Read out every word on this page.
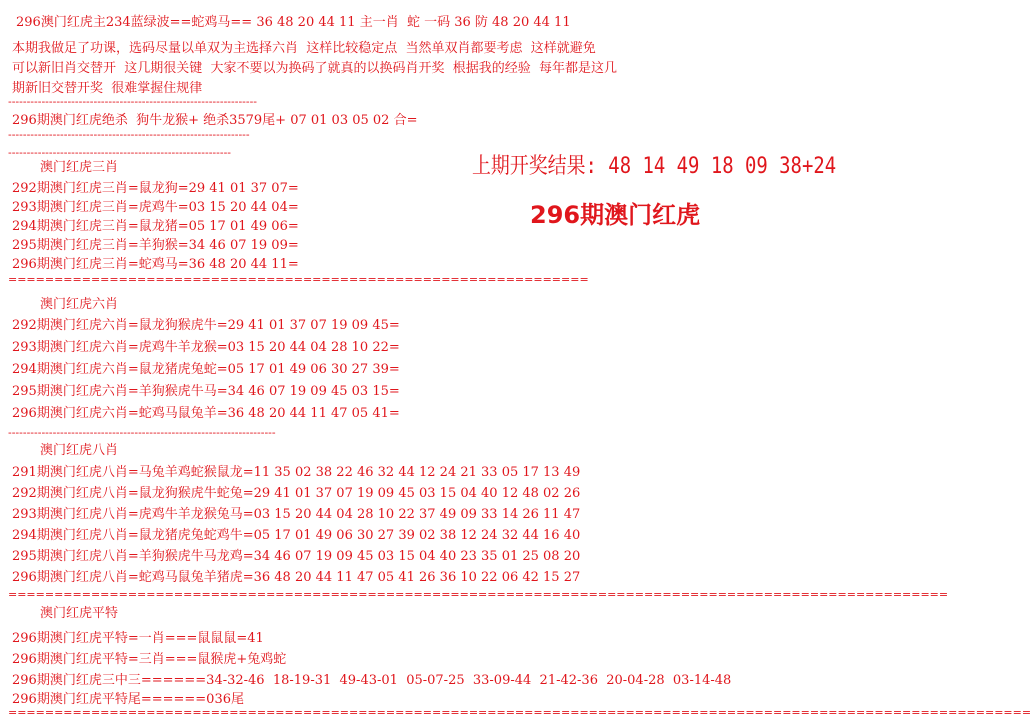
296澳门红虎主234蓝绿波==蛇鸡马== 36 48 20 44 11 主一肖  蛇 一码 36 防 48 20 44 11
本期我做足了功课，选码尽量以单双为主选择六肖  这样比较稳定点  当然单双肖都要考虑  这样就避免
可以新旧肖交替开  这几期很关键  大家不要以为换码了就真的以换码肖开奖  根据我的经验  每年都是这几
期新旧交替开奖  很难掌握住规律
-------------------------------------------------------------------
296期澳门红虎绝杀  狗牛龙猴+ 绝杀3579尾+ 07 01 03 05 02 合=
-----------------------------------------------------------------
------------------------------------------------------------
上期开奖结果: 48 14 49 18 09 38+24
296期澳门红虎
澳门红虎三肖
292期澳门红虎三肖=鼠龙狗=29 41 01 37 07=
293期澳门红虎三肖=虎鸡牛=03 15 20 44 04=
294期澳门红虎三肖=鼠龙猪=05 17 01 49 06=
295期澳门红虎三肖=羊狗猴=34 46 07 19 09=
296期澳门红虎三肖=蛇鸡马=36 48 20 44 11=
===============================================================
澳门红虎六肖
292期澳门红虎六肖=鼠龙狗猴虎牛=29 41 01 37 07 19 09 45=
293期澳门红虎六肖=虎鸡牛羊龙猴=03 15 20 44 04 28 10 22=
294期澳门红虎六肖=鼠龙猪虎兔蛇=05 17 01 49 06 30 27 39=
295期澳门红虎六肖=羊狗猴虎牛马=34 46 07 19 09 45 03 15=
296期澳门红虎六肖=蛇鸡马鼠兔羊=36 48 20 44 11 47 05 41=
------------------------------------------------------------------------
澳门红虎八肖
291期澳门红虎八肖=马兔羊鸡蛇猴鼠龙=11 35 02 38 22 46 32 44 12 24 21 33 05 17 13 49
292期澳门红虎八肖=鼠龙狗猴虎牛蛇兔=29 41 01 37 07 19 09 45 03 15 04 40 12 48 02 26
293期澳门红虎八肖=虎鸡牛羊龙猴兔马=03 15 20 44 04 28 10 22 37 49 09 33 14 26 11 47
294期澳门红虎八肖=鼠龙猪虎兔蛇鸡牛=05 17 01 49 06 30 27 39 02 38 12 24 32 44 16 40
295期澳门红虎八肖=羊狗猴虎牛马龙鸡=34 46 07 19 09 45 03 15 04 40 23 35 01 25 08 20
296期澳门红虎八肖=蛇鸡马鼠兔羊猪虎=36 48 20 44 11 47 05 41 26 36 10 22 06 42 15 27
======================================================================================================
澳门红虎平特
296期澳门红虎平特=一肖===鼠鼠鼠=41
296期澳门红虎平特=三肖===鼠猴虎+兔鸡蛇
296期澳门红虎三中三======34-32-46  18-19-31  49-43-01  05-07-25  33-09-44  21-42-36  20-04-28  03-14-48
296期澳门红虎平特尾======036尾
===============================================================================================================
